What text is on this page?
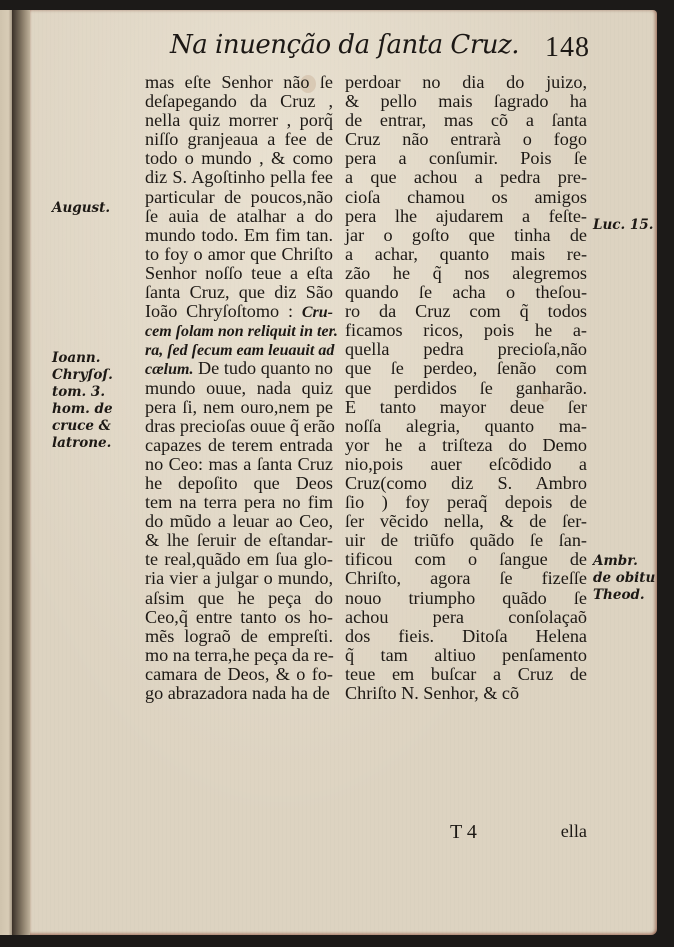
Na inuenção da ſanta Cruz. 148
mas eſte Senhor não ſe
deſapegando da Cruz ,
nella quiz morrer , porq̃
niſſo granjeaua a fee de
todo o mundo , & como
diz S. Agoſtinho pella fee
particular de poucos,não
ſe auia de atalhar a do
mundo todo. Em fim tan.
to foy o amor que Chriſto
Senhor noſſo teue a eſta
ſanta Cruz, que diz São
Ioão Chryſoſtomo : Cru-
cem ſolam non reliquit in ter.
ra, ſed ſecum eam leuauit ad
cælum. De tudo quanto no
mundo ouue, nada quiz
pera ſi, nem ouro,nem pe
dras precioſas ouue q̃ erão
capazes de terem entrada
no Ceo: mas a ſanta Cruz
he depoſito que Deos
tem na terra pera no fim
do mũdo a leuar ao Ceo,
& lhe ſeruir de eſtandar-
te real,quãdo em ſua glo-
ria vier a julgar o mundo,
aſsim que he peça do
Ceo,q̃ entre tanto os ho-
mẽs lograõ de empreſti.
mo na terra,he peça da re-
camara de Deos, & o fo-
go abrazadora nada ha de
perdoar no dia do juizo,
& pello mais ſagrado ha
de entrar, mas cõ a ſanta
Cruz não entrarà o fogo
pera a conſumir. Pois ſe
a que achou a pedra pre-
cioſa chamou os amigos
pera lhe ajudarem a feſte-
jar o goſto que tinha de
a achar, quanto mais re-
zão he q̃ nos alegremos
quando ſe acha o theſou-
ro da Cruz com q̃ todos
ficamos ricos, pois he a-
quella pedra precioſa,não
que ſe perdeo, ſenão com
que perdidos ſe ganharão.
E tanto mayor deue ſer
noſſa alegria, quanto ma-
yor he a triſteza do Demo
nio,pois auer eſcõdido a
Cruz(como diz S. Ambro
ſio ) foy peraq̃ depois de
ſer vẽcido nella, & de ſer-
uir de triũfo quãdo ſe ſan-
tificou com o ſangue de
Chriſto, agora ſe fizeſſe
nouo triumpho quãdo ſe
achou pera conſolaçaõ
dos fieis. Ditoſa Helena
q̃ tam altiuo penſamento
teue em buſcar a Cruz de
Chriſto N. Senhor, & cõ
August.
Ioann.
Chryſoſ.
tom. 3.
hom. de
cruce &
latrone.
Luc. 15.
Ambr.
de obitu
Theod.
T 4	ella
